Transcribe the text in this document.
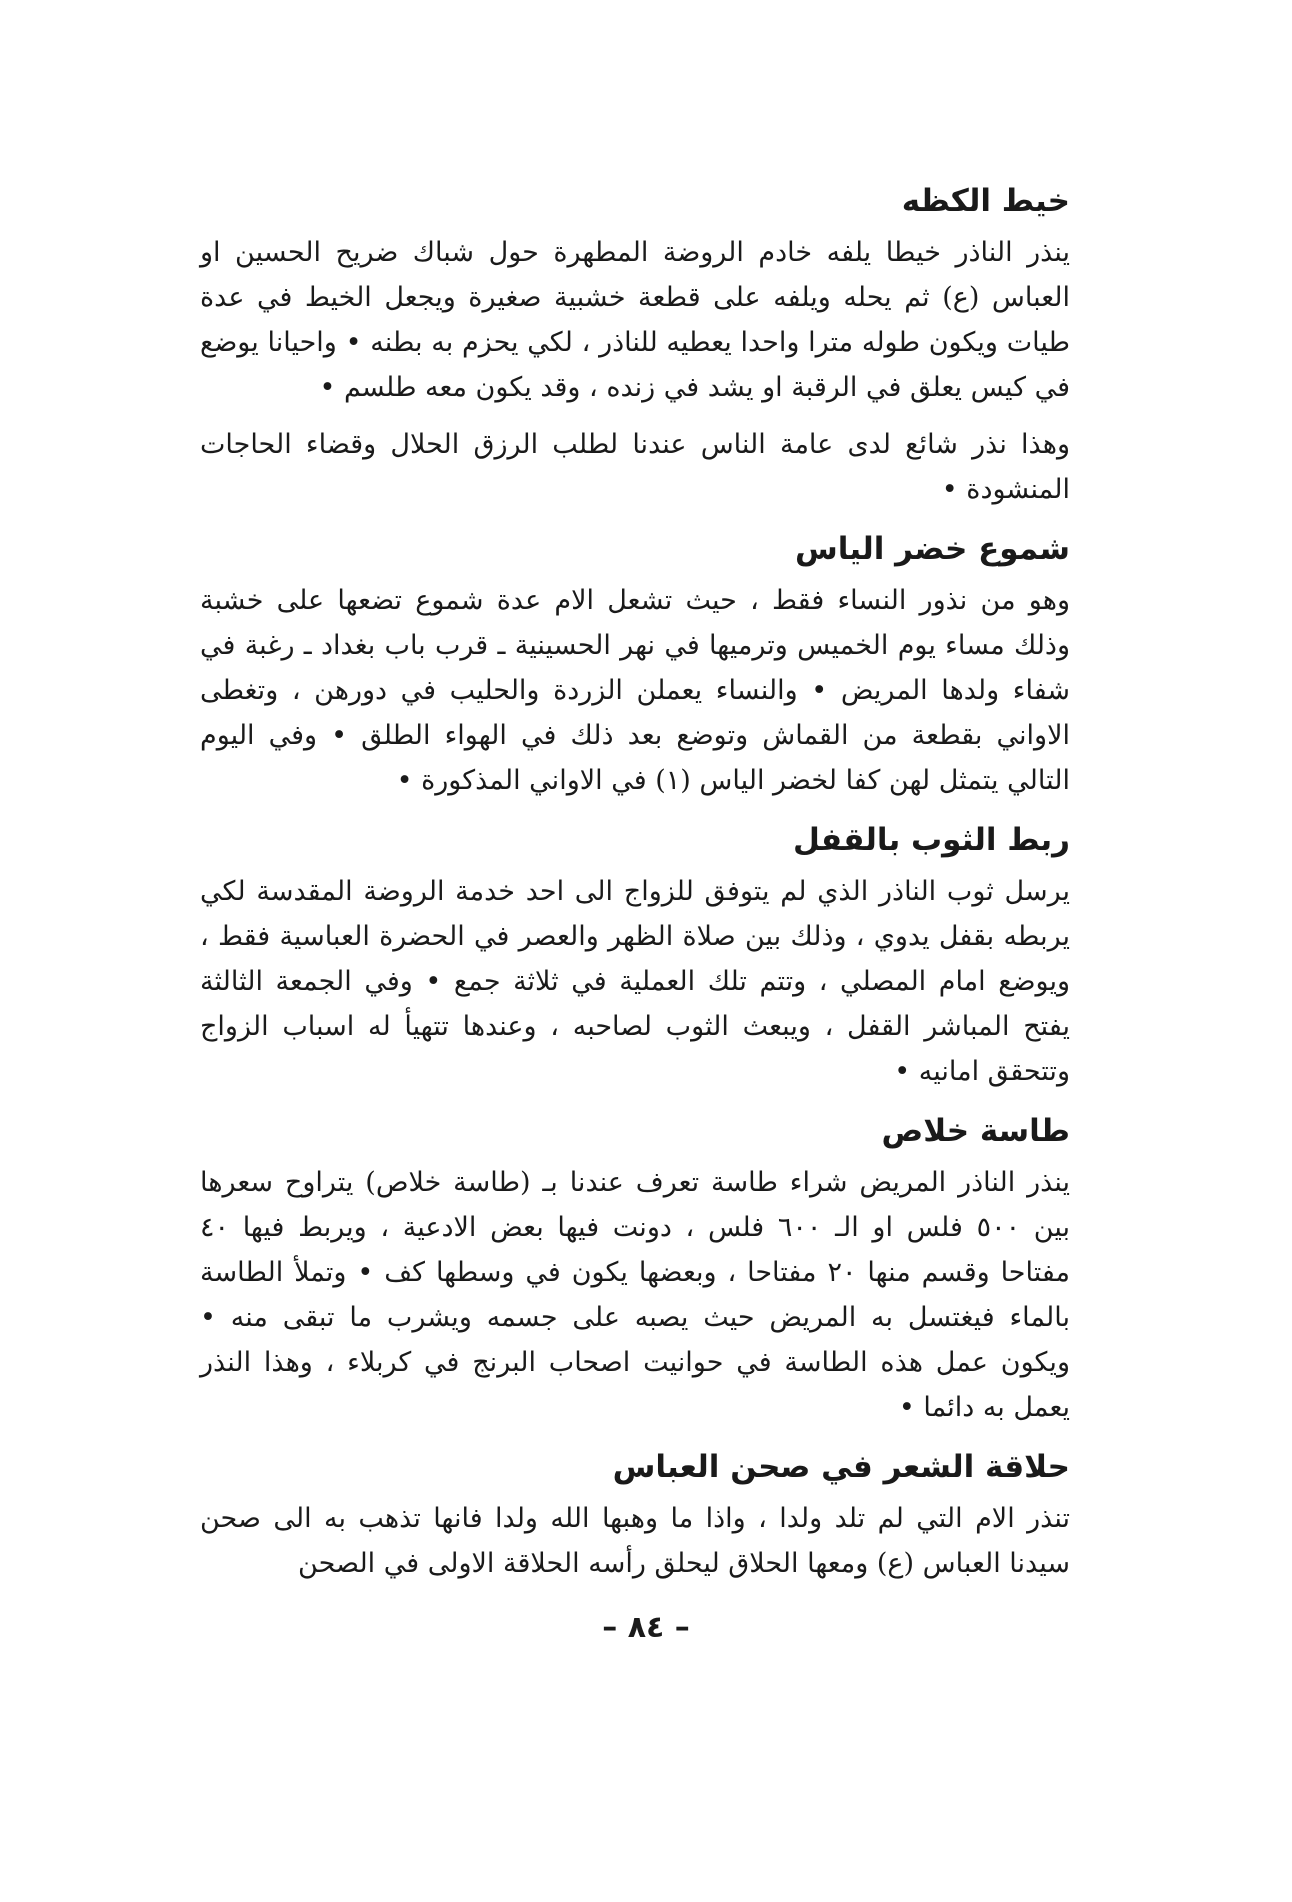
خيط الكظه

ينذر الناذر خيطا يلفه خادم الروضة المطهرة حول شباك ضريح الحسين او العباس (ع) ثم يحله ويلفه على قطعة خشبية صغيرة ويجعل الخيط في عدة طيات ويكون طوله مترا واحدا يعطيه للناذر ، لكي يحزم به بطنه • واحيانا يوضع في كيس يعلق في الرقبة او يشد في زنده ، وقد يكون معه طلسم •

وهذا نذر شائع لدى عامة الناس عندنا لطلب الرزق الحلال وقضاء الحاجات المنشودة •

شموع خضر الياس

وهو من نذور النساء فقط ، حيث تشعل الام عدة شموع تضعها على خشبة وذلك مساء يوم الخميس وترميها في نهر الحسينية ـ قرب باب بغداد ـ رغبة في شفاء ولدها المريض • والنساء يعملن الزردة والحليب في دورهن ، وتغطى الاواني بقطعة من القماش وتوضع بعد ذلك في الهواء الطلق • وفي اليوم التالي يتمثل لهن كفا لخضر الياس (١) في الاواني المذكورة •

ربط الثوب بالقفل

يرسل ثوب الناذر الذي لم يتوفق للزواج الى احد خدمة الروضة المقدسة لكي يربطه بقفل يدوي ، وذلك بين صلاة الظهر والعصر في الحضرة العباسية فقط ، ويوضع امام المصلي ، وتتم تلك العملية في ثلاثة جمع • وفي الجمعة الثالثة يفتح المباشر القفل ، ويبعث الثوب لصاحبه ، وعندها تتهيأ له اسباب الزواج وتتحقق امانيه •

طاسة خلاص

ينذر الناذر المريض شراء طاسة تعرف عندنا بـ (طاسة خلاص) يتراوح سعرها بين ٥٠٠ فلس او الـ ٦٠٠ فلس ، دونت فيها بعض الادعية ، ويربط فيها ٤٠ مفتاحا وقسم منها ٢٠ مفتاحا ، وبعضها يكون في وسطها كف • وتملأ الطاسة بالماء فيغتسل به المريض حيث يصبه على جسمه ويشرب ما تبقى منه • ويكون عمل هذه الطاسة في حوانيت اصحاب البرنج في كربلاء ، وهذا النذر يعمل به دائما •

حلاقة الشعر في صحن العباس

تنذر الام التي لم تلد ولدا ، واذا ما وهبها الله ولدا فانها تذهب به الى صحن سيدنا العباس (ع) ومعها الحلاق ليحلق رأسه الحلاقة الاولى في الصحن

– ٨٤ –
